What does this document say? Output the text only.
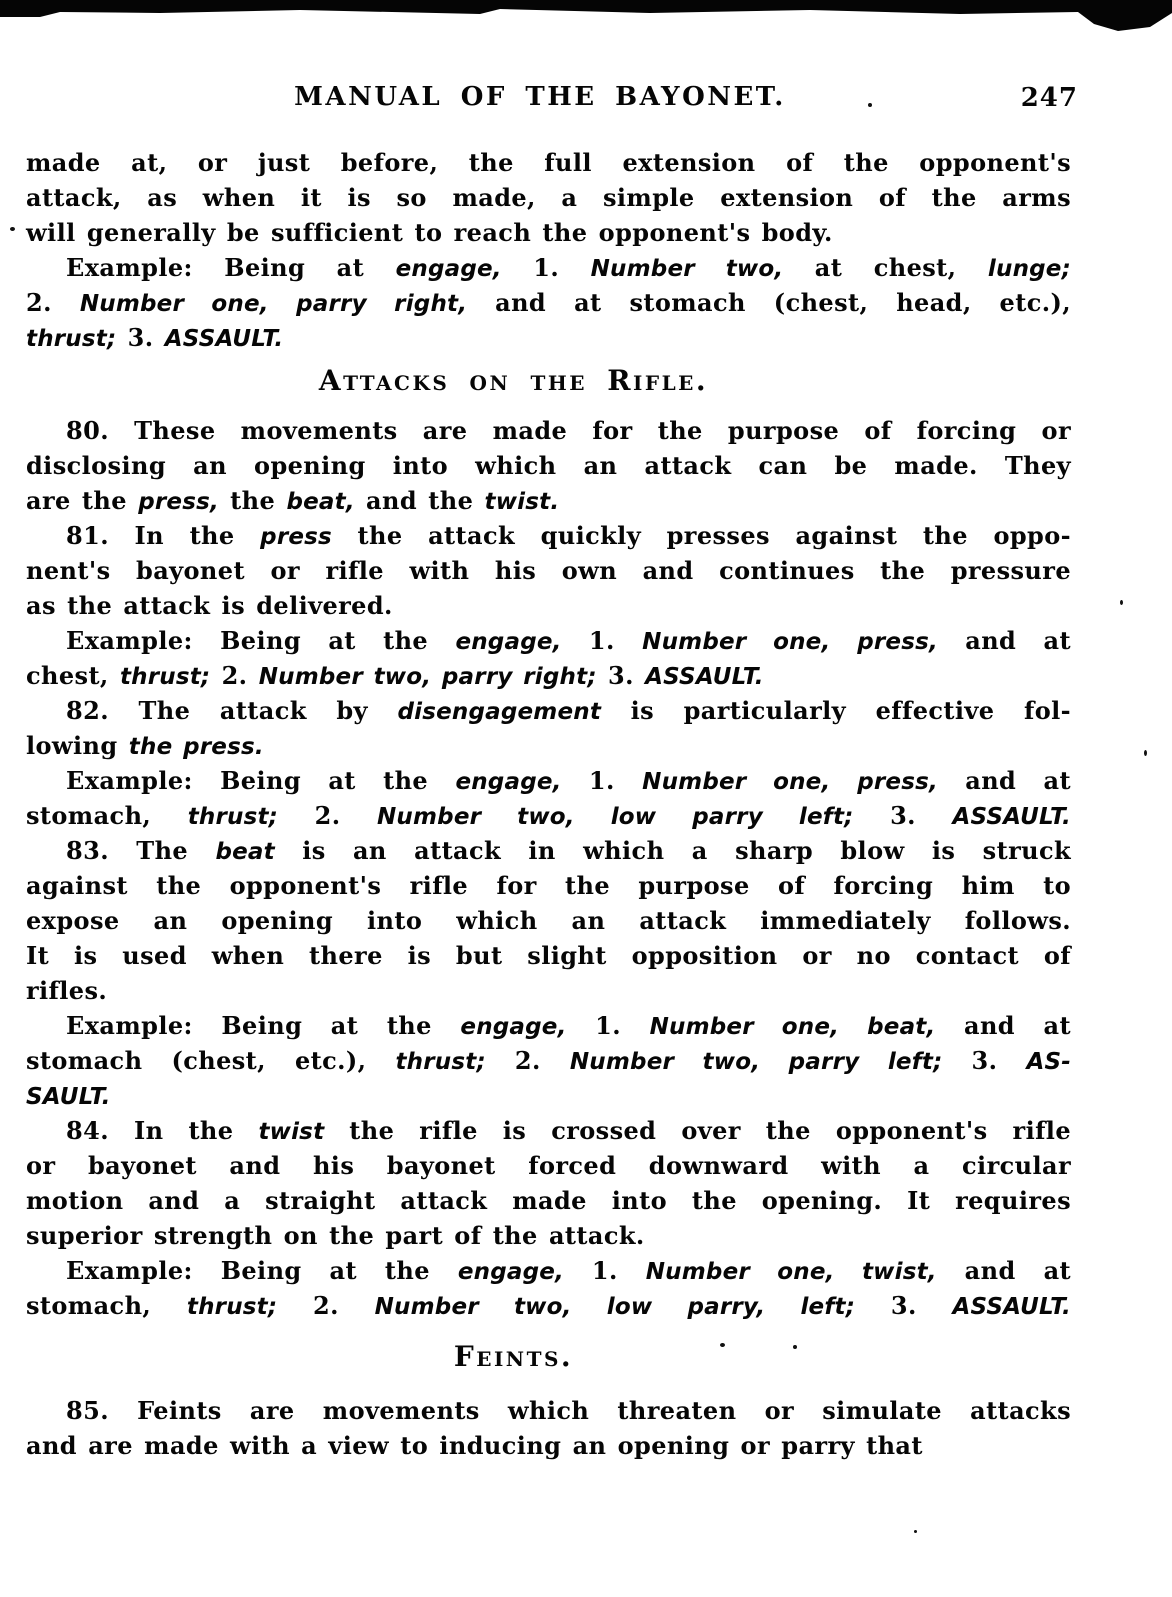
MANUAL OF THE BAYONET.	247
made at, or just before, the full extension of the opponent's
attack, as when it is so made, a simple extension of the arms
will generally be sufficient to reach the opponent's body.
Example: Being at engage, 1. Number two, at chest, lunge;
2. Number one, parry right, and at stomach (chest, head, etc.),
thrust; 3. ASSAULT.
Attacks on the Rifle.
80. These movements are made for the purpose of forcing or
disclosing an opening into which an attack can be made. They
are the press, the beat, and the twist.
81. In the press the attack quickly presses against the oppo-
nent's bayonet or rifle with his own and continues the pressure
as the attack is delivered.
Example: Being at the engage, 1. Number one, press, and at
chest, thrust; 2. Number two, parry right; 3. ASSAULT.
82. The attack by disengagement is particularly effective fol-
lowing the press.
Example: Being at the engage, 1. Number one, press, and at
stomach, thrust; 2. Number two, low parry left; 3. ASSAULT.
83. The beat is an attack in which a sharp blow is struck
against the opponent's rifle for the purpose of forcing him to
expose an opening into which an attack immediately follows.
It is used when there is but slight opposition or no contact of
rifles.
Example: Being at the engage, 1. Number one, beat, and at
stomach (chest, etc.), thrust; 2. Number two, parry left; 3. AS-
SAULT.
84. In the twist the rifle is crossed over the opponent's rifle
or bayonet and his bayonet forced downward with a circular
motion and a straight attack made into the opening. It requires
superior strength on the part of the attack.
Example: Being at the engage, 1. Number one, twist, and at
stomach, thrust; 2. Number two, low parry, left; 3. ASSAULT.
Feints.
85. Feints are movements which threaten or simulate attacks
and are made with a view to inducing an opening or parry that
